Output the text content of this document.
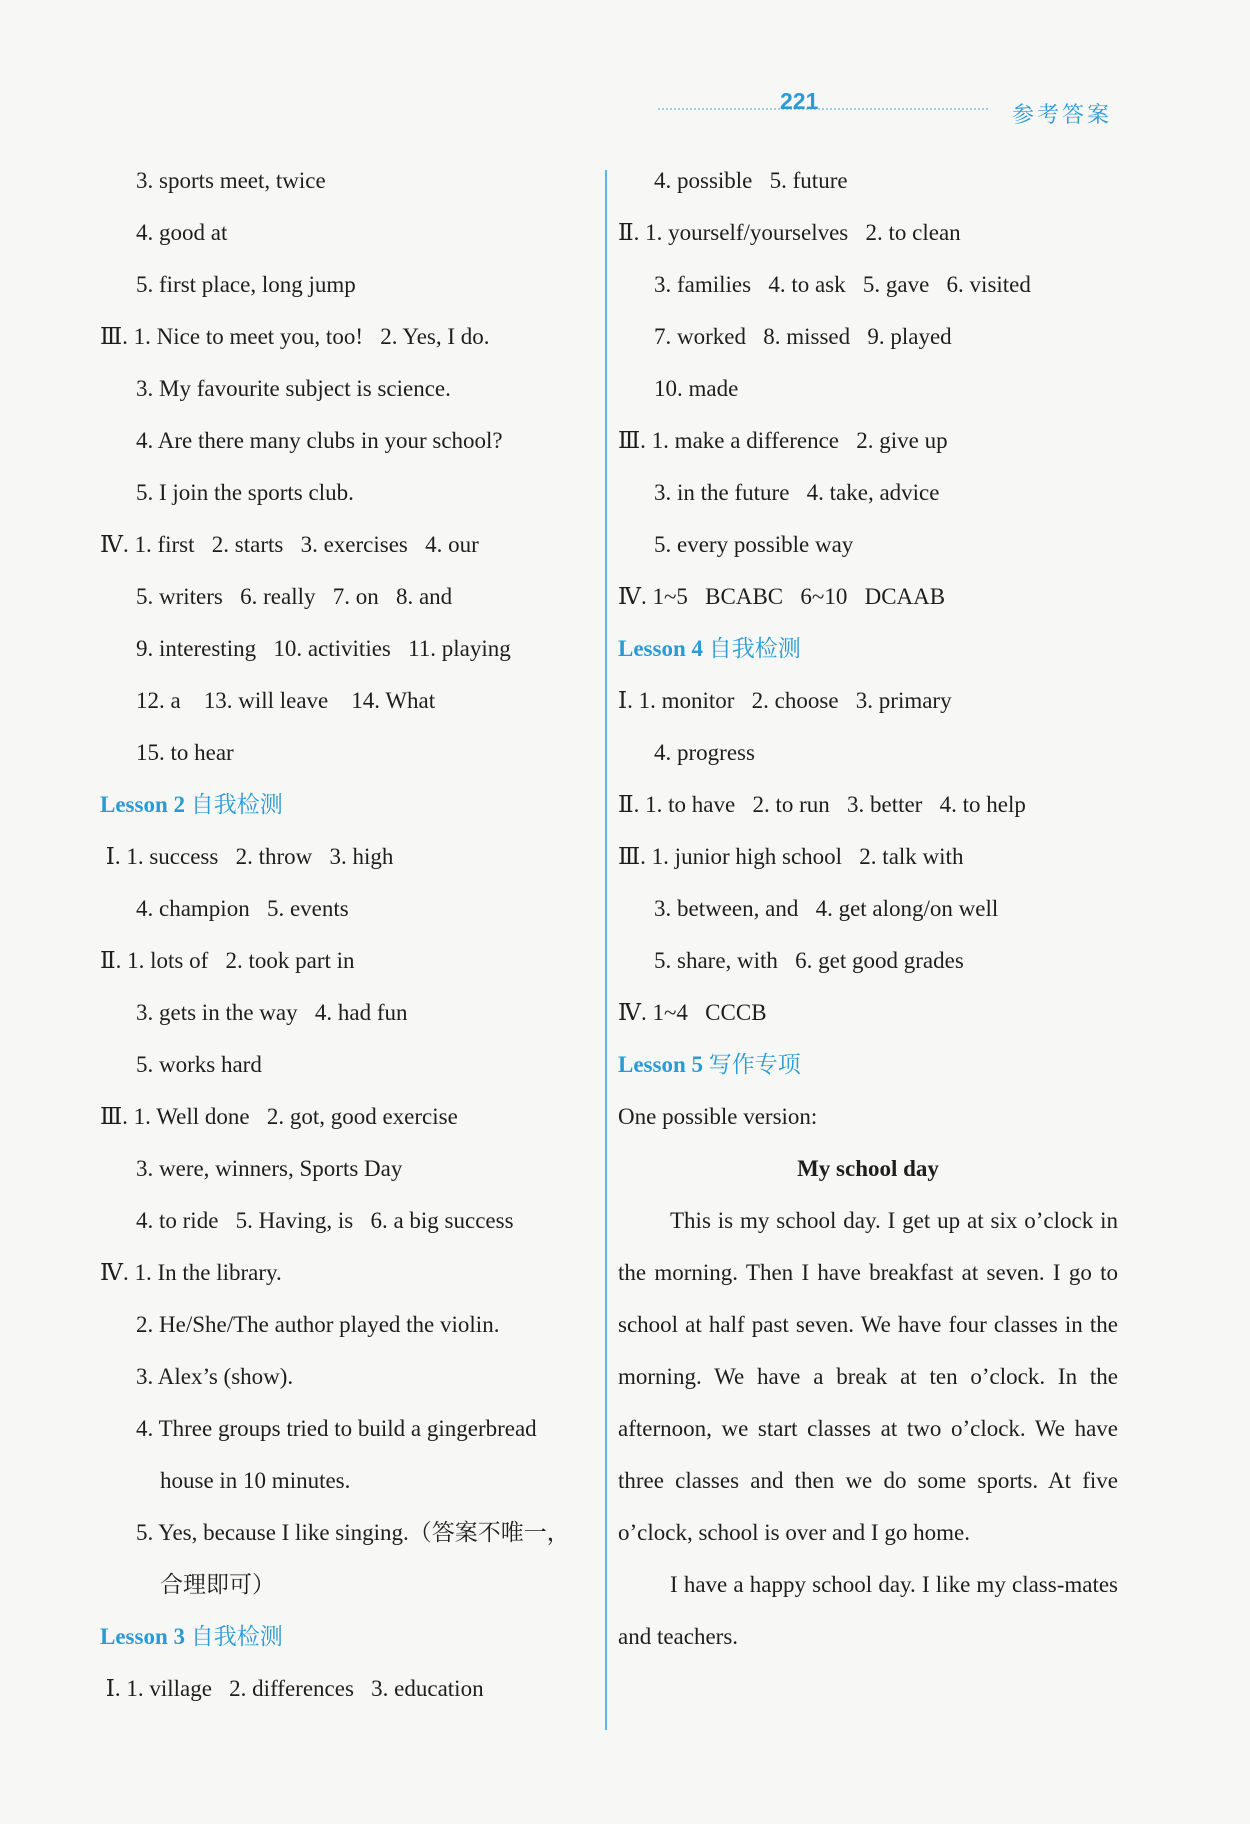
221
参考答案
3. sports meet, twice
4. good at
5. first place, long jump
Ⅲ. 1. Nice to meet you, too!   2. Yes, I do.
3. My favourite subject is science.
4. Are there many clubs in your school?
5. I join the sports club.
Ⅳ. 1. first   2. starts   3. exercises   4. our
5. writers   6. really   7. on   8. and
9. interesting   10. activities   11. playing
12. a    13. will leave    14. What
15. to hear
Lesson 2 自我检测
Ⅰ. 1. success   2. throw   3. high
4. champion   5. events
Ⅱ. 1. lots of   2. took part in
3. gets in the way   4. had fun
5. works hard
Ⅲ. 1. Well done   2. got, good exercise
3. were, winners, Sports Day
4. to ride   5. Having, is   6. a big success
Ⅳ. 1. In the library.
2. He/She/The author played the violin.
3. Alex’s (show).
4. Three groups tried to build a gingerbread
house in 10 minutes.
5. Yes, because I like singing.（答案不唯一，
合理即可）
Lesson 3 自我检测
Ⅰ. 1. village   2. differences   3. education
4. possible   5. future
Ⅱ. 1. yourself/yourselves   2. to clean
3. families   4. to ask   5. gave   6. visited
7. worked   8. missed   9. played
10. made
Ⅲ. 1. make a difference   2. give up
3. in the future   4. take, advice
5. every possible way
Ⅳ. 1~5   BCABC   6~10   DCAAB
Lesson 4 自我检测
Ⅰ. 1. monitor   2. choose   3. primary
4. progress
Ⅱ. 1. to have   2. to run   3. better   4. to help
Ⅲ. 1. junior high school   2. talk with
3. between, and   4. get along/on well
5. share, with   6. get good grades
Ⅳ. 1~4   CCCB
Lesson 5 写作专项
One possible version:
My school day
This is my school day. I get up at six o’clock in the morning. Then I have breakfast at seven. I go to school at half past seven. We have four classes in the morning. We have a break at ten o’clock. In the afternoon, we start classes at two o’clock. We have three classes and then we do some sports. At five o’clock, school is over and I go home.
I have a happy school day. I like my class-mates and teachers.
